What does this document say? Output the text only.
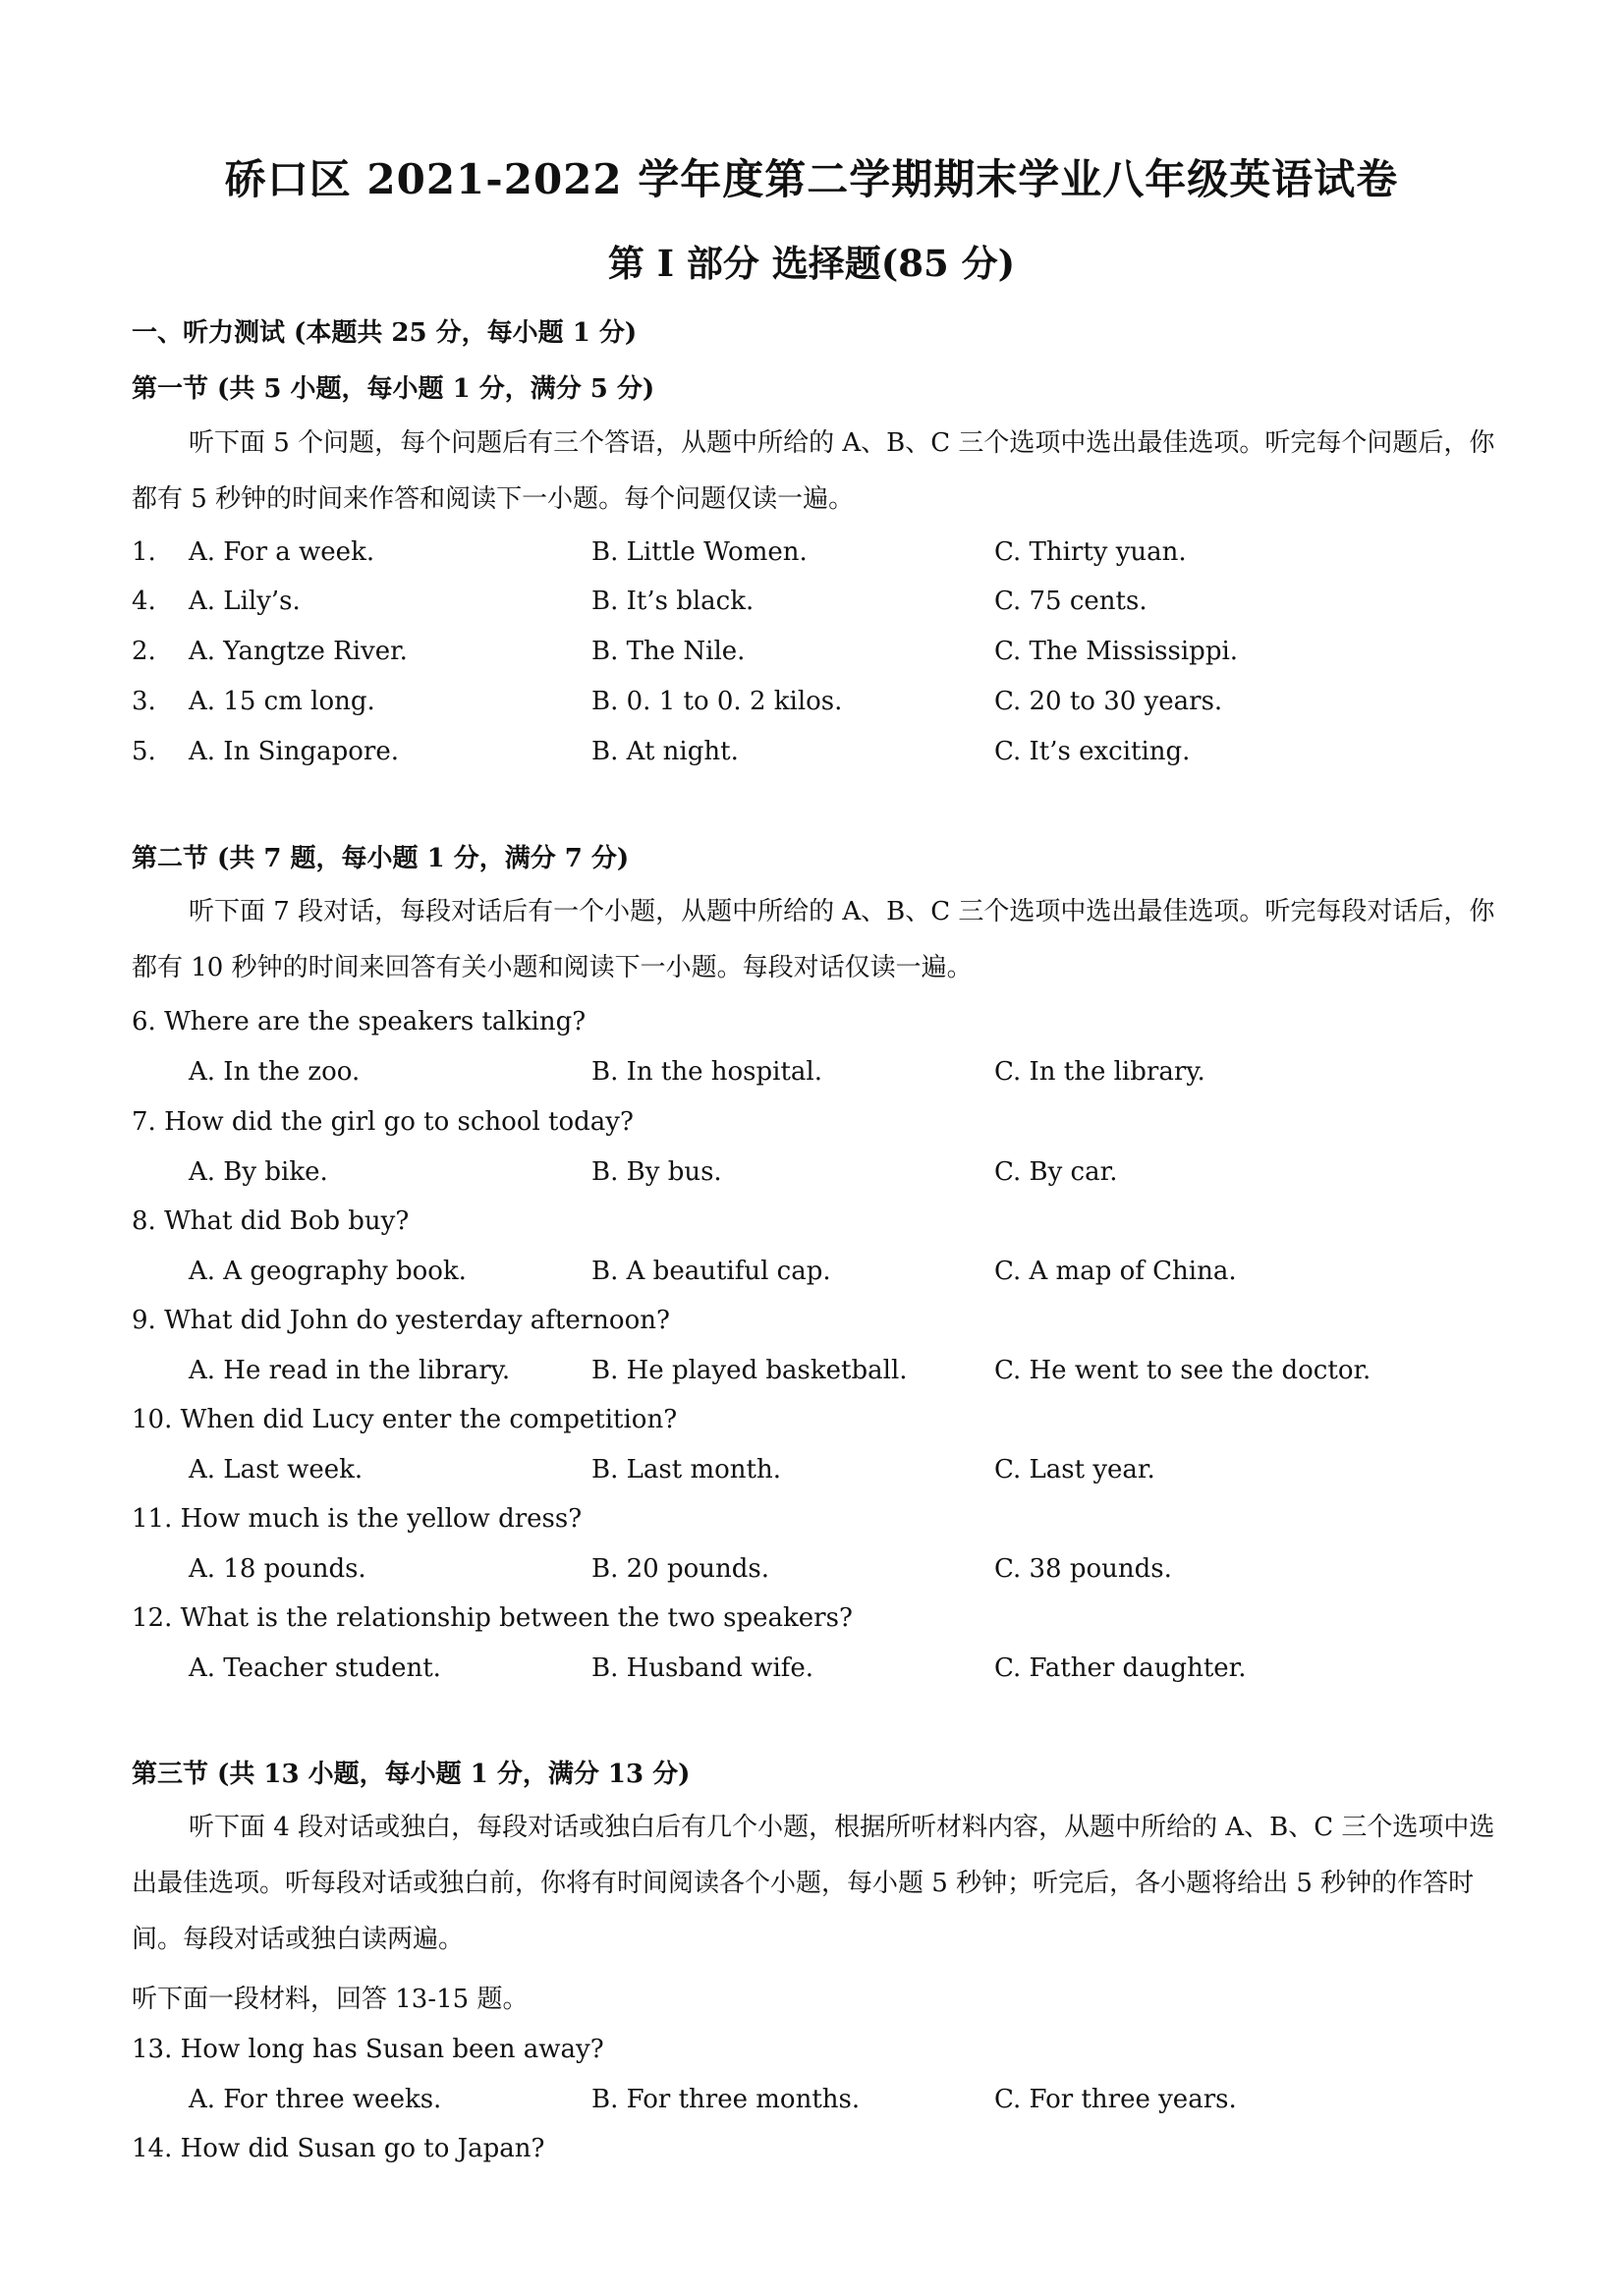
硚口区 2021-2022 学年度第二学期期末学业八年级英语试卷
第 I 部分 选择题(85 分)
一、听力测试 (本题共 25 分，每小题 1 分)
第一节 (共 5 小题，每小题 1 分，满分 5 分)
听下面 5 个问题，每个问题后有三个答语，从题中所给的 A、B、C 三个选项中选出最佳选项。听完每个问题后，你都有 5 秒钟的时间来作答和阅读下一小题。每个问题仅读一遍。
1. A. For a week.	B. Little Women.	C. Thirty yuan.
4. A. Lily’s.	B. It’s black.	C. 75 cents.
2. A. Yangtze River.	B. The Nile.	C. The Mississippi.
3. A. 15 cm long.	B. 0. 1 to 0. 2 kilos.	C. 20 to 30 years.
5. A. In Singapore.	B. At night.	C. It’s exciting.
第二节 (共 7 题，每小题 1 分，满分 7 分)
听下面 7 段对话，每段对话后有一个小题，从题中所给的 A、B、C 三个选项中选出最佳选项。听完每段对话后，你都有 10 秒钟的时间来回答有关小题和阅读下一小题。每段对话仅读一遍。
6. Where are the speakers talking?
A. In the zoo.	B. In the hospital.	C. In the library.
7. How did the girl go to school today?
A. By bike.	B. By bus.	C. By car.
8. What did Bob buy?
A. A geography book.	B. A beautiful cap.	C. A map of China.
9. What did John do yesterday afternoon?
A. He read in the library.	B. He played basketball.	C. He went to see the doctor.
10. When did Lucy enter the competition?
A. Last week.	B. Last month.	C. Last year.
11. How much is the yellow dress?
A. 18 pounds.	B. 20 pounds.	C. 38 pounds.
12. What is the relationship between the two speakers?
A. Teacher student.	B. Husband wife.	C. Father daughter.
第三节 (共 13 小题，每小题 1 分，满分 13 分)
听下面 4 段对话或独白，每段对话或独白后有几个小题，根据所听材料内容，从题中所给的 A、B、C 三个选项中选出最佳选项。听每段对话或独白前，你将有时间阅读各个小题，每小题 5 秒钟；听完后，各小题将给出 5 秒钟的作答时间。每段对话或独白读两遍。
听下面一段材料，回答 13-15 题。
13. How long has Susan been away?
A. For three weeks.	B. For three months.	C. For three years.
14. How did Susan go to Japan?
